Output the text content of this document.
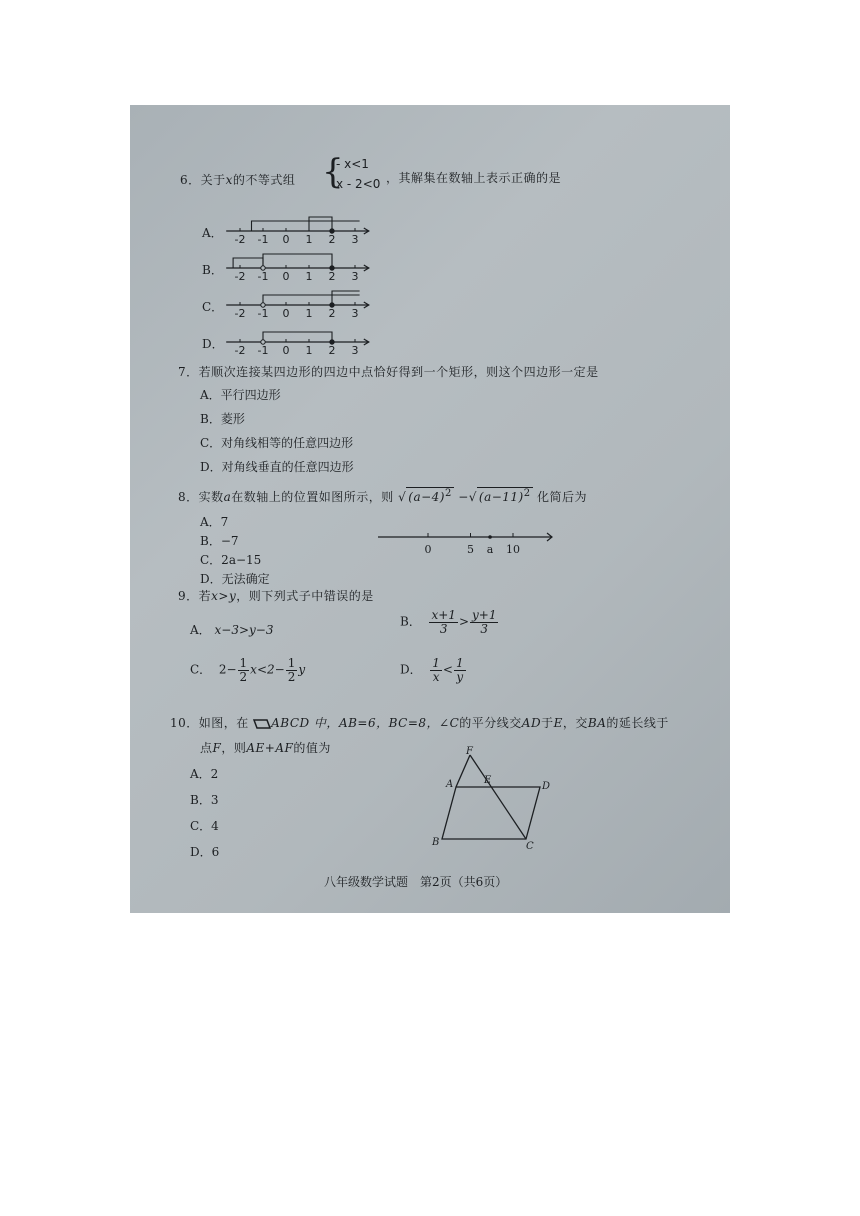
6．关于x的不等式组 {
- x<1
x - 2<0 ，其解集在数轴上表示正确的是
A． -2 -1 0 1 2 3
B． -2 -1 0 1 2 3
C． -2 -1 0 1 2 3
D． -2 -1 0 1 2 3
7．若顺次连接某四边形的四边中点恰好得到一个矩形，则这个四边形一定是
A．平行四边形
B．菱形
C．对角线相等的任意四边形
D．对角线垂直的任意四边形
8．实数a在数轴上的位置如图所示，则 √ $(a-4)^2$ −√ $(a-11)^2$ 化简后为
A．7
B．−7
C．2a−15
D．无法确定
0	5 a 10
9．若x>y，则下列式子中错误的是
A． x−3>y−3
B． $\frac{x+1}{3} > \frac{y+1}{3}$
C． $2- \frac{1}{2} x<2- \frac{1}{2}$ y	D． $\frac{1}{x} < \frac{1}{y}$
10．如图，在 ABCD 中，AB=6，BC=8，∠C的平分线交AD于E，交BA的延长线于
点F，则AE+AF的值为
A．2
B．3
C．4
D．6
F
E
A	D
B	C
八年级数学试题　第2页（共6页）
